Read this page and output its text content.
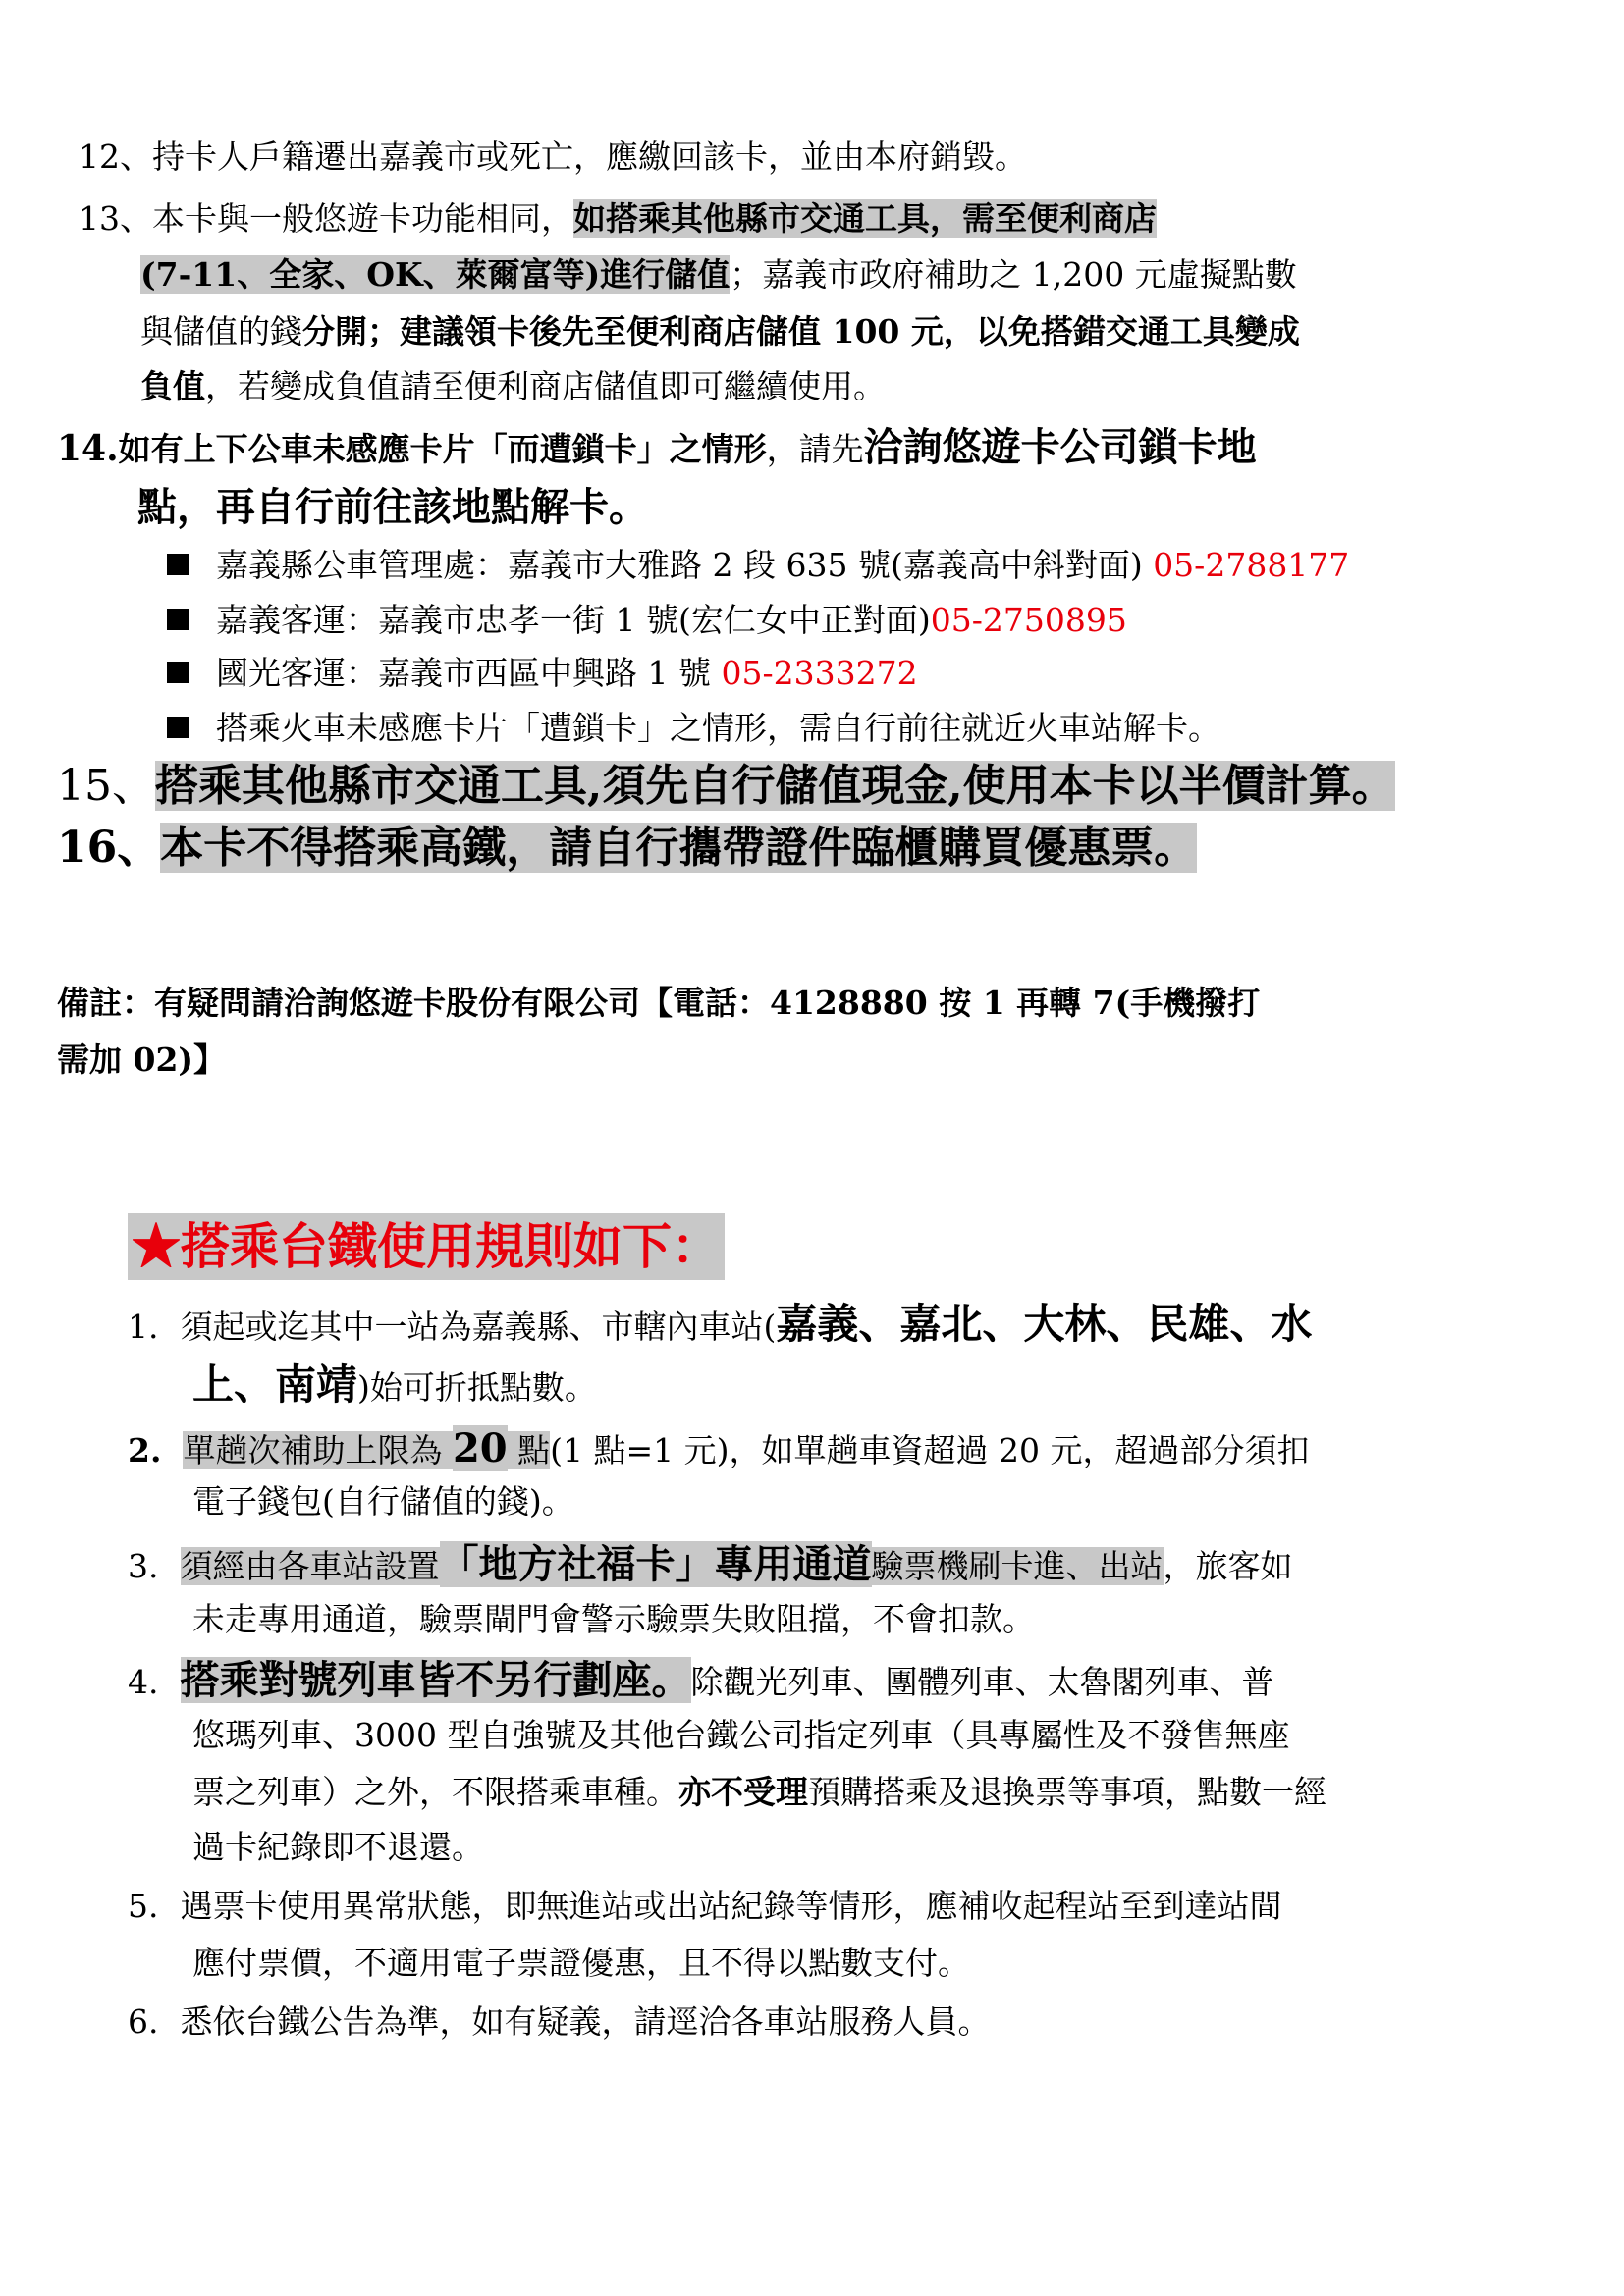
12、持卡人戶籍遷出嘉義市或死亡，應繳回該卡，並由本府銷毀。
13、本卡與一般悠遊卡功能相同，如搭乘其他縣市交通工具，需至便利商店
(7-11、全家、OK、萊爾富等)進行儲值；嘉義市政府補助之 1,200 元虛擬點數
與儲值的錢分開；建議領卡後先至便利商店儲值 100 元，以免搭錯交通工具變成
負值，若變成負值請至便利商店儲值即可繼續使用。
14.如有上下公車未感應卡片「而遭鎖卡」之情形，請先洽詢悠遊卡公司鎖卡地
點，再自行前往該地點解卡。
嘉義縣公車管理處：嘉義市大雅路 2 段 635 號(嘉義高中斜對面) 05-2788177
嘉義客運：嘉義市忠孝一街 1 號(宏仁女中正對面)05-2750895
國光客運：嘉義市西區中興路 1 號 05-2333272
搭乘火車未感應卡片「遭鎖卡」之情形，需自行前往就近火車站解卡。
15、搭乘其他縣市交通工具,須先自行儲值現金,使用本卡以半價計算。
16、本卡不得搭乘高鐵，請自行攜帶證件臨櫃購買優惠票。
備註：有疑問請洽詢悠遊卡股份有限公司【電話：4128880 按 1 再轉 7(手機撥打
需加 02)】
★搭乘台鐵使用規則如下：
1. 須起或迄其中一站為嘉義縣、市轄內車站(嘉義、嘉北、大林、民雄、水
上、南靖)始可折抵點數。
2. 單趟次補助上限為 20 點(1 點=1 元)，如單趟車資超過 20 元，超過部分須扣
電子錢包(自行儲值的錢)。
3. 須經由各車站設置「地方社福卡」專用通道驗票機刷卡進、出站，旅客如
未走專用通道，驗票閘門會警示驗票失敗阻擋，不會扣款。
4. 搭乘對號列車皆不另行劃座。除觀光列車、團體列車、太魯閣列車、普
悠瑪列車、3000 型自強號及其他台鐵公司指定列車（具專屬性及不發售無座
票之列車）之外，不限搭乘車種。亦不受理預購搭乘及退換票等事項，點數一經
過卡紀錄即不退還。
5. 遇票卡使用異常狀態，即無進站或出站紀錄等情形，應補收起程站至到達站間
應付票價，不適用電子票證優惠，且不得以點數支付。
6. 悉依台鐵公告為準，如有疑義，請逕洽各車站服務人員。
